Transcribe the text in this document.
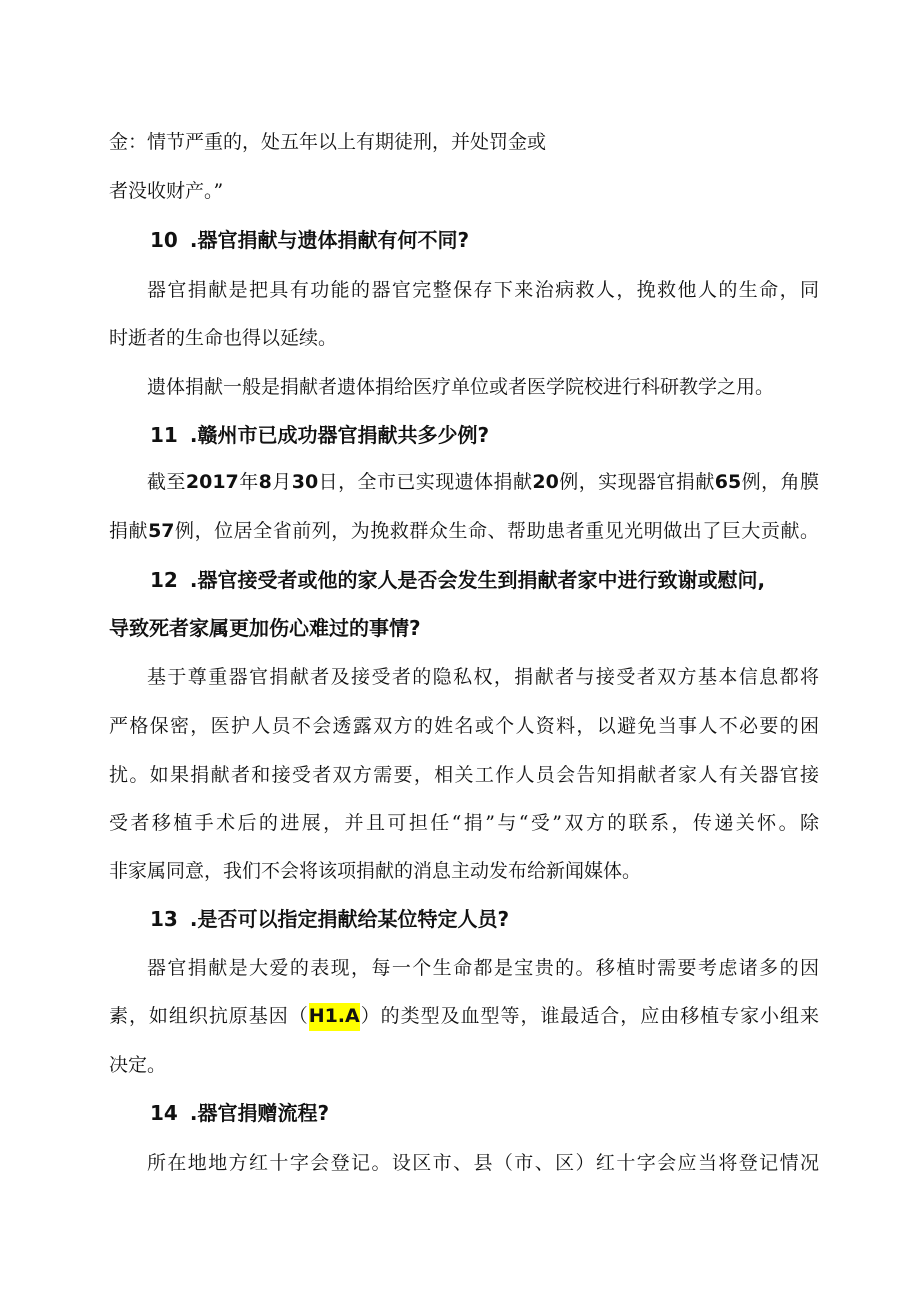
金：情节严重的，处五年以上有期徒刑，并处罚金或
者没收财产。”
10 .器官捐献与遗体捐献有何不同?
器官捐献是把具有功能的器官完整保存下来治病救人，挽救他人的生命，同
时逝者的生命也得以延续。
遗体捐献一般是捐献者遗体捐给医疗单位或者医学院校进行科研教学之用。
11 .赣州市已成功器官捐献共多少例?
截至2017年8月30日，全市已实现遗体捐献20例，实现器官捐献65例，角膜
捐献57例，位居全省前列，为挽救群众生命、帮助患者重见光明做出了巨大贡献。
12 .器官接受者或他的家人是否会发生到捐献者家中进行致谢或慰问,
导致死者家属更加伤心难过的事情?
基于尊重器官捐献者及接受者的隐私权，捐献者与接受者双方基本信息都将
严格保密，医护人员不会透露双方的姓名或个人资料，以避免当事人不必要的困
扰。如果捐献者和接受者双方需要，相关工作人员会告知捐献者家人有关器官接
受者移植手术后的进展，并且可担任“捐”与“受”双方的联系，传递关怀。除
非家属同意，我们不会将该项捐献的消息主动发布给新闻媒体。
13 .是否可以指定捐献给某位特定人员?
器官捐献是大爱的表现，每一个生命都是宝贵的。移植时需要考虑诸多的因
素，如组织抗原基因（H1.A）的类型及血型等，谁最适合，应由移植专家小组来
决定。
14 .器官捐赠流程?
所在地地方红十字会登记。设区市、县（市、区）红十字会应当将登记情况
